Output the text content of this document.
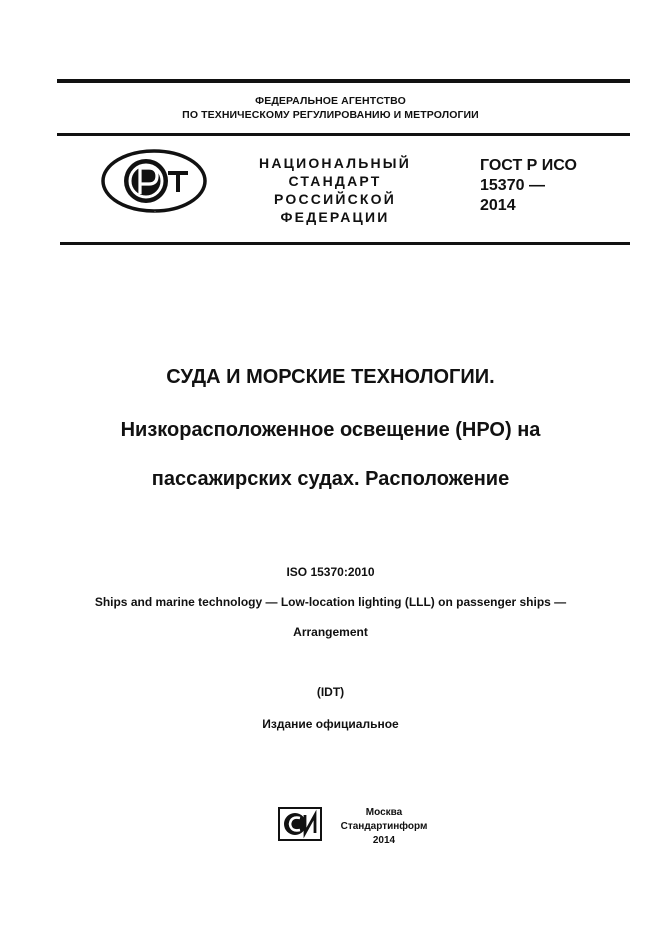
ФЕДЕРАЛЬНОЕ АГЕНТСТВО
ПО ТЕХНИЧЕСКОМУ РЕГУЛИРОВАНИЮ И МЕТРОЛОГИИ
РСТ
НАЦИОНАЛЬНЫЙ
СТАНДАРТ
РОССИЙСКОЙ
ФЕДЕРАЦИИ
ГОСТ Р ИСО
15370 —
2014
СУДА И МОРСКИЕ ТЕХНОЛОГИИ.
Низкорасположенное освещение (НРО) на
пассажирских судах. Расположение
ISO 15370:2010
Ships and marine technology — Low-location lighting (LLL) on passenger ships —
Arrangement
(IDT)
Издание официальное
СИ
Москва
Стандартинформ
2014
